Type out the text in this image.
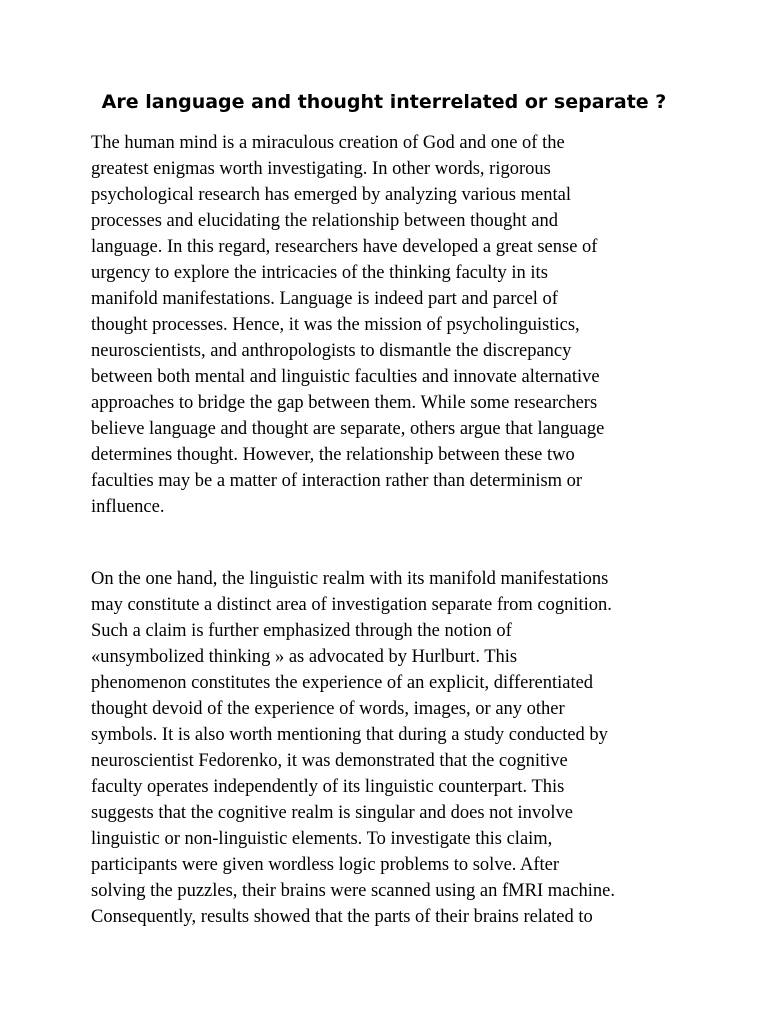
Are language and thought interrelated or separate ?

The human mind is a miraculous creation of God and one of the
greatest enigmas worth investigating. In other words, rigorous
psychological research has emerged by analyzing various mental
processes and elucidating the relationship between thought and
language. In this regard, researchers have developed a great sense of
urgency to explore the intricacies of the thinking faculty in its
manifold manifestations. Language is indeed part and parcel of
thought processes. Hence, it was the mission of psycholinguistics,
neuroscientists, and anthropologists to dismantle the discrepancy
between both mental and linguistic faculties and innovate alternative
approaches to bridge the gap between them. While some researchers
believe language and thought are separate, others argue that language
determines thought. However, the relationship between these two
faculties may be a matter of interaction rather than determinism or
influence.

On the one hand, the linguistic realm with its manifold manifestations
may constitute a distinct area of investigation separate from cognition.
Such a claim is further emphasized through the notion of
«unsymbolized thinking » as advocated by Hurlburt. This
phenomenon constitutes the experience of an explicit, differentiated
thought devoid of the experience of words, images, or any other
symbols. It is also worth mentioning that during a study conducted by
neuroscientist Fedorenko, it was demonstrated that the cognitive
faculty operates independently of its linguistic counterpart. This
suggests that the cognitive realm is singular and does not involve
linguistic or non-linguistic elements. To investigate this claim,
participants were given wordless logic problems to solve. After
solving the puzzles, their brains were scanned using an fMRI machine.
Consequently, results showed that the parts of their brains related to
